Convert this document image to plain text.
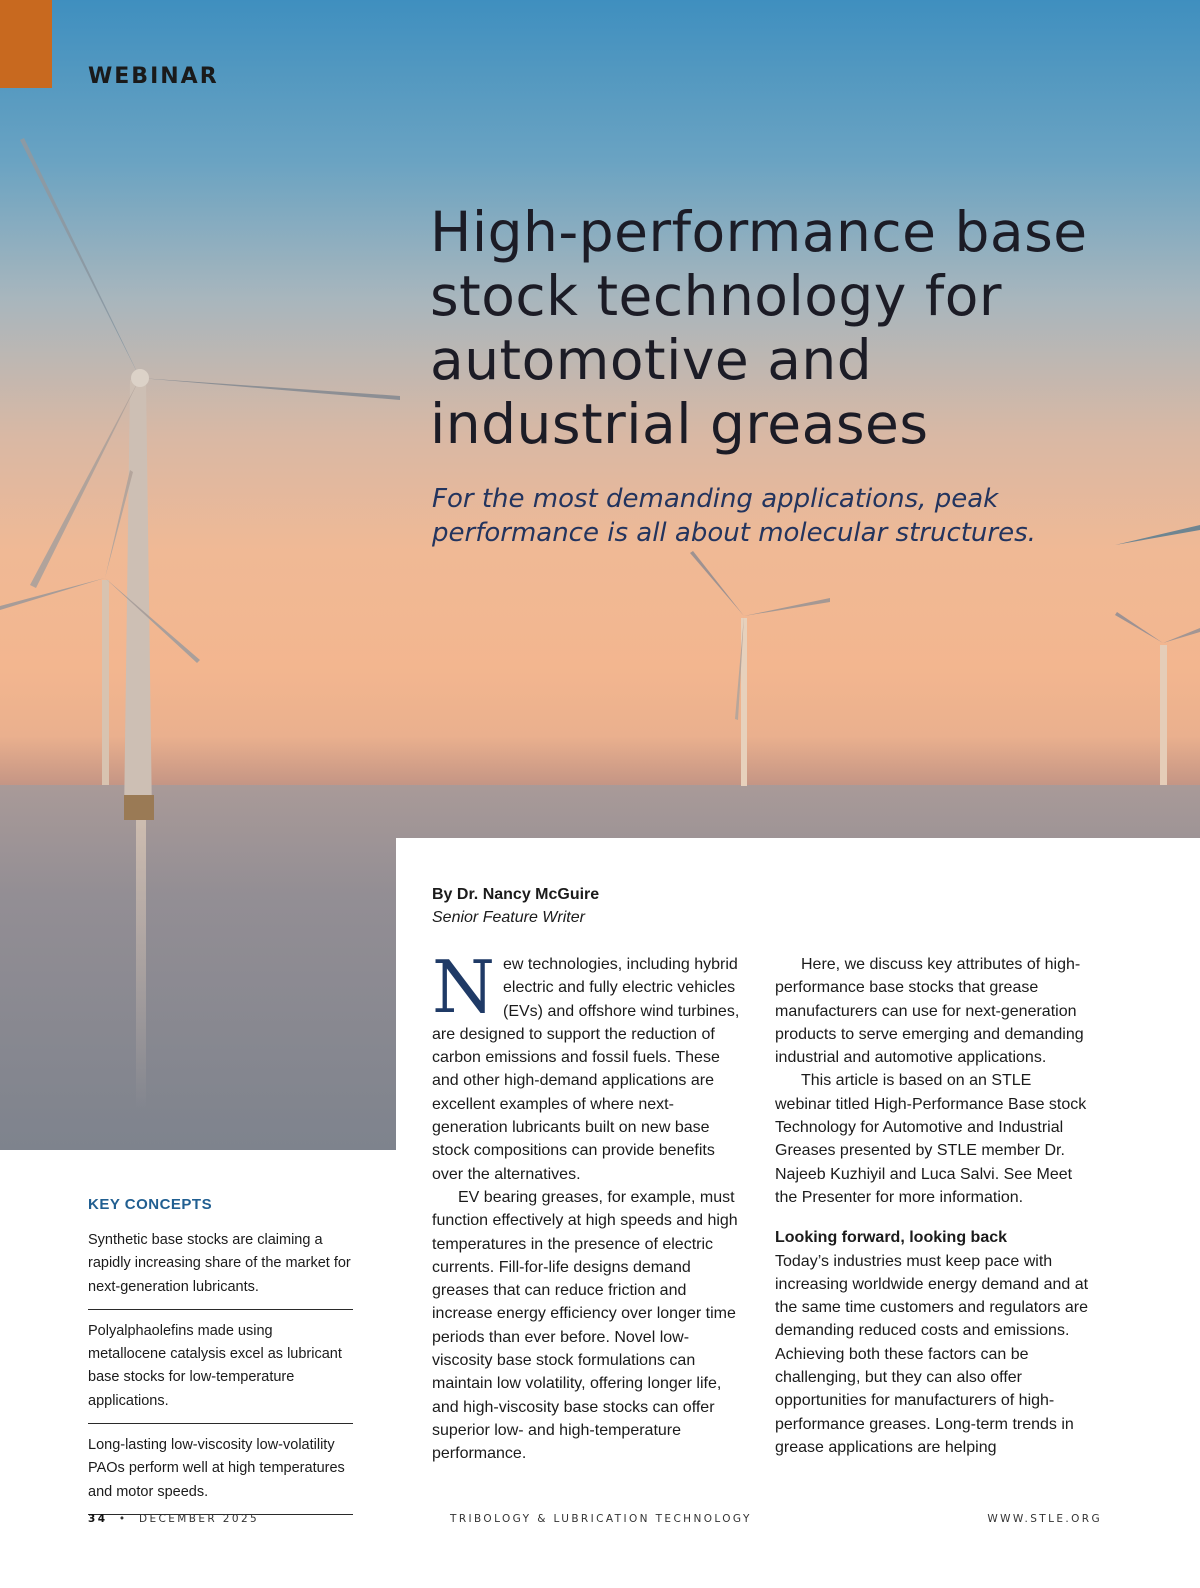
WEBINAR
High-performance base stock technology for automotive and industrial greases

For the most demanding applications, peak performance is all about molecular structures.

By Dr. Nancy McGuire
Senior Feature Writer

N ew technologies, including hybrid electric and fully electric vehicles (EVs) and offshore wind turbines, are designed to support the reduction of carbon emissions and fossil fuels. These and other high-demand applications are excellent examples of where next-generation lubricants built on new base stock compositions can provide benefits over the alternatives.

EV bearing greases, for example, must function effectively at high speeds and high temperatures in the presence of electric currents. Fill-for-life designs demand greases that can reduce friction and increase energy efficiency over longer time periods than ever before. Novel low-viscosity base stock formulations can maintain low volatility, offering longer life, and high-viscosity base stocks can offer superior low- and high-temperature performance.

Here, we discuss key attributes of high-performance base stocks that grease manufacturers can use for next-generation products to serve emerging and demanding industrial and automotive applications.

This article is based on an STLE webinar titled High-Performance Base stock Technology for Automotive and Industrial Greases presented by STLE member Dr. Najeeb Kuzhiyil and Luca Salvi. See Meet the Presenter for more information.

Looking forward, looking back

Today’s industries must keep pace with increasing worldwide energy demand and at the same time customers and regulators are demanding reduced costs and emissions. Achieving both these factors can be challenging, but they can also offer opportunities for manufacturers of high-performance greases. Long-term trends in grease applications are helping

KEY CONCEPTS
Synthetic base stocks are claiming a rapidly increasing share of the market for next-generation lubricants.
Polyalphaolefins made using metallocene catalysis excel as lubricant base stocks for low-temperature applications.
Long-lasting low-viscosity low-volatility PAOs perform well at high temperatures and motor speeds.
34 • DECEMBER 2025	TRIBOLOGY & LUBRICATION TECHNOLOGY	WWW.STLE.ORG
